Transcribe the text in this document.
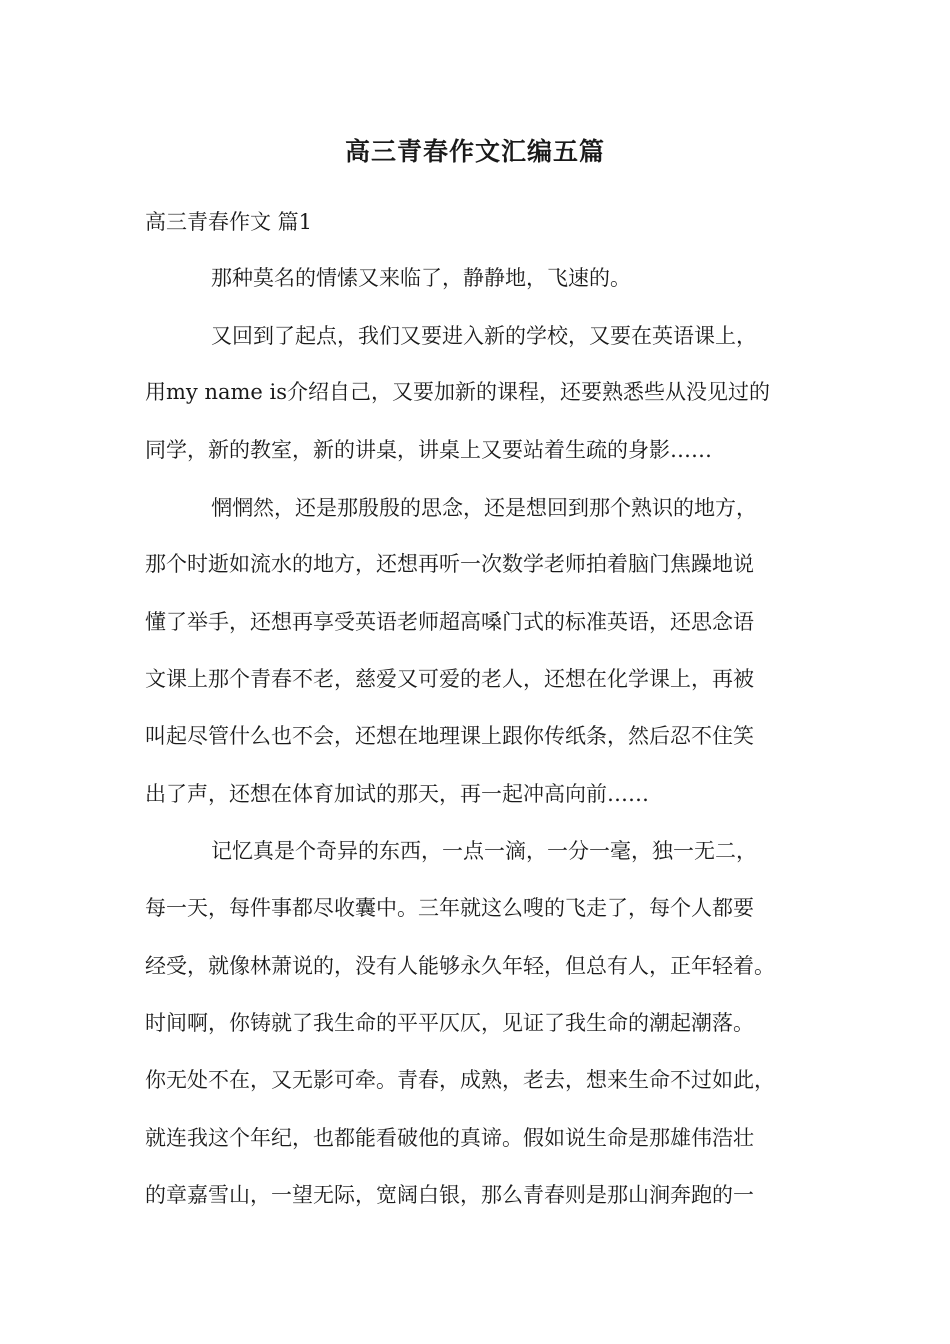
高三青春作文汇编五篇

高三青春作文 篇1

那种莫名的情愫又来临了，静静地，飞速的。

又回到了起点，我们又要进入新的学校，又要在英语课上，

用my name is介绍自己，又要加新的课程，还要熟悉些从没见过的

同学，新的教室，新的讲桌，讲桌上又要站着生疏的身影……

惘惘然，还是那殷殷的思念，还是想回到那个熟识的地方，

那个时逝如流水的地方，还想再听一次数学老师拍着脑门焦躁地说

懂了举手，还想再享受英语老师超高嗓门式的标准英语，还思念语

文课上那个青春不老，慈爱又可爱的老人，还想在化学课上，再被

叫起尽管什么也不会，还想在地理课上跟你传纸条，然后忍不住笑

出了声，还想在体育加试的那天，再一起冲高向前……

记忆真是个奇异的东西，一点一滴，一分一毫，独一无二，

每一天，每件事都尽收囊中。三年就这么嗖的飞走了，每个人都要

经受，就像林萧说的，没有人能够永久年轻，但总有人，正年轻着。

时间啊，你铸就了我生命的平平仄仄，见证了我生命的潮起潮落。

你无处不在，又无影可牵。青春，成熟，老去，想来生命不过如此，

就连我这个年纪，也都能看破他的真谛。假如说生命是那雄伟浩壮

的章嘉雪山，一望无际，宽阔白银，那么青春则是那山涧奔跑的一
